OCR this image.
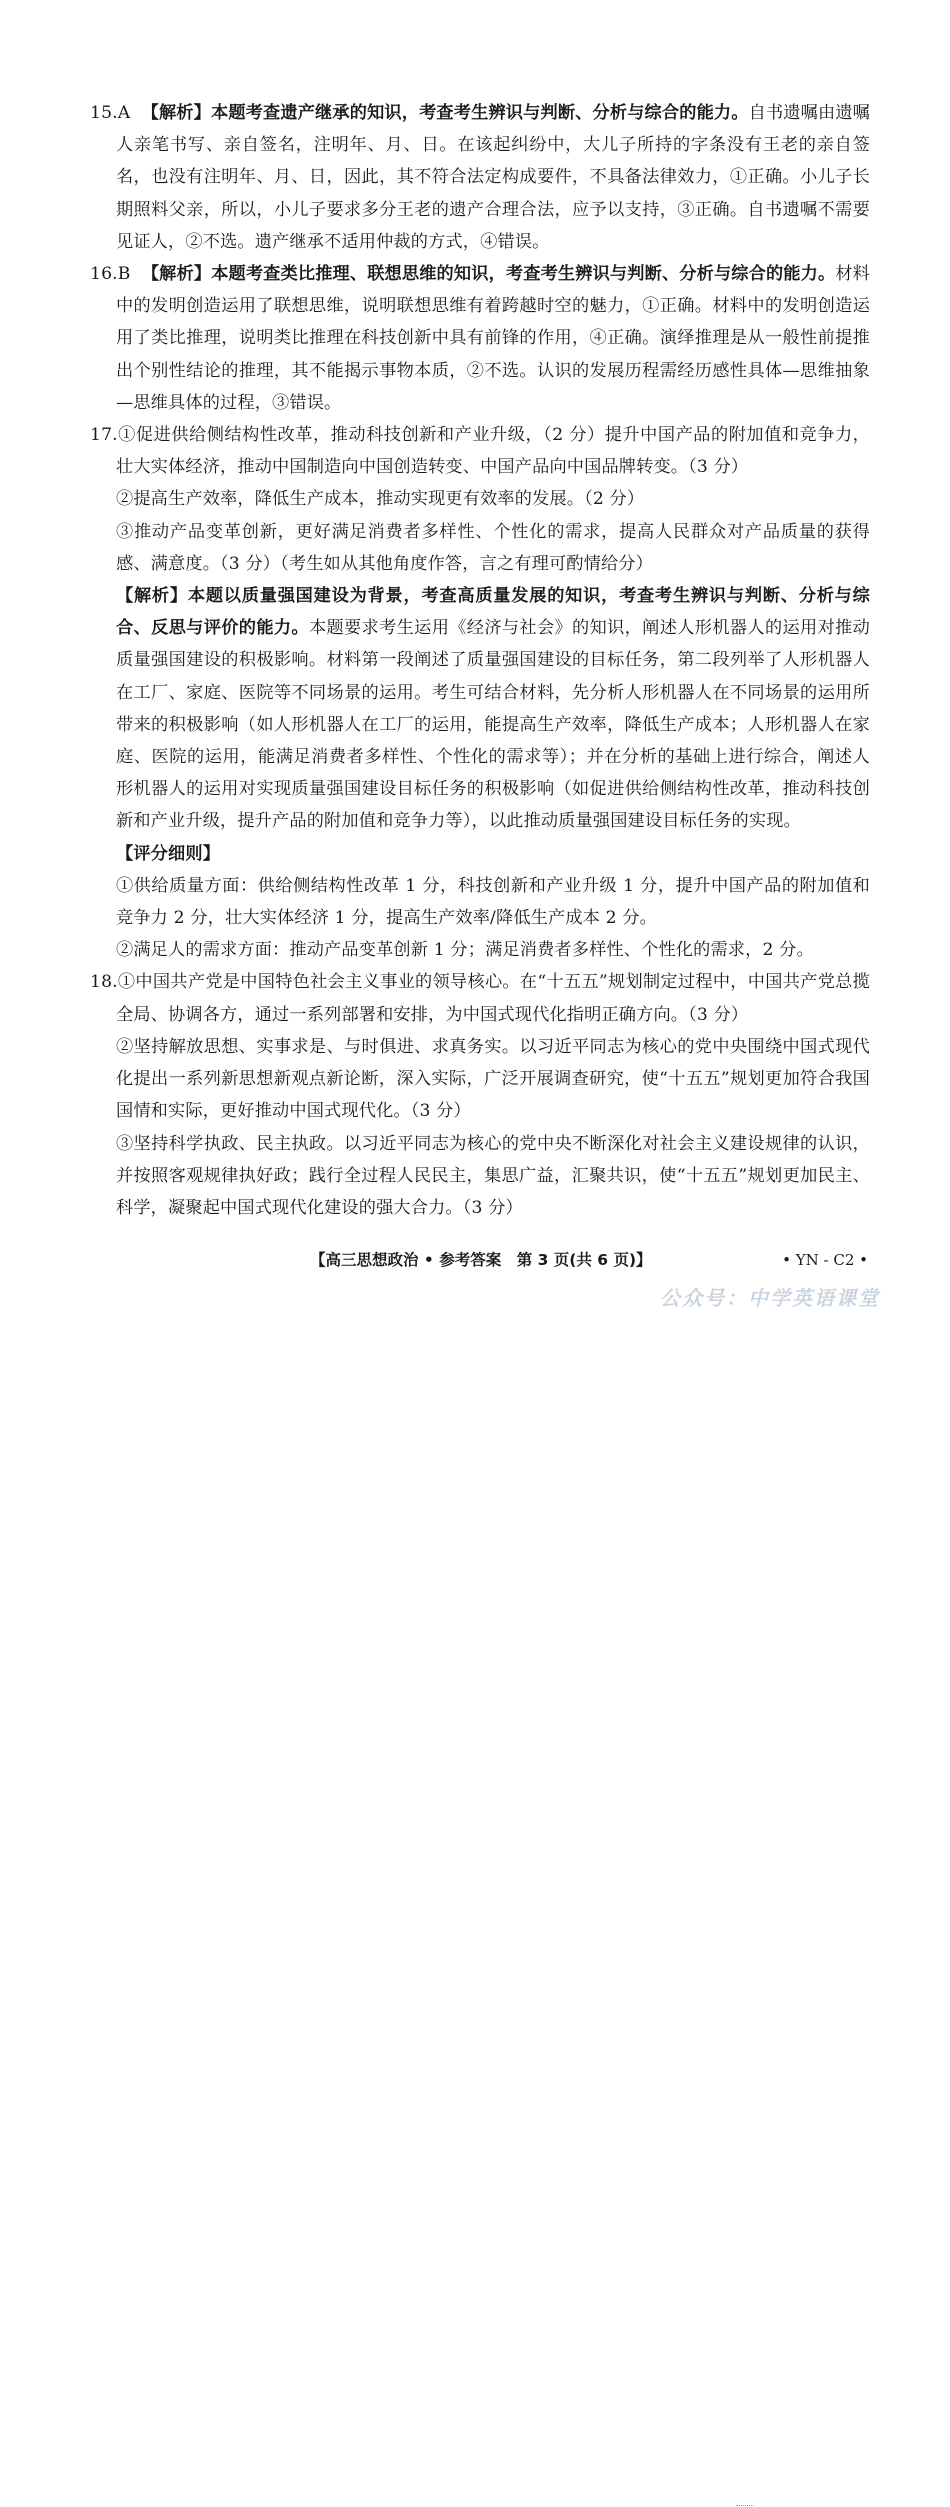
15.A 【解析】本题考查遗产继承的知识，考查考生辨识与判断、分析与综合的能力。自书遗嘱由遗嘱人亲笔书写、亲自签名，注明年、月、日。在该起纠纷中，大儿子所持的字条没有王老的亲自签名，也没有注明年、月、日，因此，其不符合法定构成要件，不具备法律效力，①正确。小儿子长期照料父亲，所以，小儿子要求多分王老的遗产合理合法，应予以支持，③正确。自书遗嘱不需要见证人，②不选。遗产继承不适用仲裁的方式，④错误。

16.B 【解析】本题考查类比推理、联想思维的知识，考查考生辨识与判断、分析与综合的能力。材料中的发明创造运用了联想思维，说明联想思维有着跨越时空的魅力，①正确。材料中的发明创造运用了类比推理，说明类比推理在科技创新中具有前锋的作用，④正确。演绎推理是从一般性前提推出个别性结论的推理，其不能揭示事物本质，②不选。认识的发展历程需经历感性具体—思维抽象—思维具体的过程，③错误。

17.①促进供给侧结构性改革，推动科技创新和产业升级，（2 分）提升中国产品的附加值和竞争力，壮大实体经济，推动中国制造向中国创造转变、中国产品向中国品牌转变。（3 分）

②提高生产效率，降低生产成本，推动实现更有效率的发展。（2 分）

③推动产品变革创新，更好满足消费者多样性、个性化的需求，提高人民群众对产品质量的获得感、满意度。（3 分）（考生如从其他角度作答，言之有理可酌情给分）

【解析】本题以质量强国建设为背景，考查高质量发展的知识，考查考生辨识与判断、分析与综合、反思与评价的能力。本题要求考生运用《经济与社会》的知识，阐述人形机器人的运用对推动质量强国建设的积极影响。材料第一段阐述了质量强国建设的目标任务，第二段列举了人形机器人在工厂、家庭、医院等不同场景的运用。考生可结合材料，先分析人形机器人在不同场景的运用所带来的积极影响（如人形机器人在工厂的运用，能提高生产效率，降低生产成本；人形机器人在家庭、医院的运用，能满足消费者多样性、个性化的需求等）；并在分析的基础上进行综合，阐述人形机器人的运用对实现质量强国建设目标任务的积极影响（如促进供给侧结构性改革，推动科技创新和产业升级，提升产品的附加值和竞争力等），以此推动质量强国建设目标任务的实现。

【评分细则】

①供给质量方面：供给侧结构性改革 1 分，科技创新和产业升级 1 分，提升中国产品的附加值和竞争力 2 分，壮大实体经济 1 分，提高生产效率/降低生产成本 2 分。

②满足人的需求方面：推动产品变革创新 1 分；满足消费者多样性、个性化的需求，2 分。

18.①中国共产党是中国特色社会主义事业的领导核心。在“十五五”规划制定过程中，中国共产党总揽全局、协调各方，通过一系列部署和安排，为中国式现代化指明正确方向。（3 分）

②坚持解放思想、实事求是、与时俱进、求真务实。以习近平同志为核心的党中央围绕中国式现代化提出一系列新思想新观点新论断，深入实际，广泛开展调查研究，使“十五五”规划更加符合我国国情和实际，更好推动中国式现代化。（3 分）

③坚持科学执政、民主执政。以习近平同志为核心的党中央不断深化对社会主义建设规律的认识，并按照客观规律执好政；践行全过程人民民主，集思广益，汇聚共识，使“十五五”规划更加民主、科学，凝聚起中国式现代化建设的强大合力。（3 分）

【高三思想政治 • 参考答案　第 3 页(共 6 页)】	• YN - C2 •
公众号：中学英语课堂
